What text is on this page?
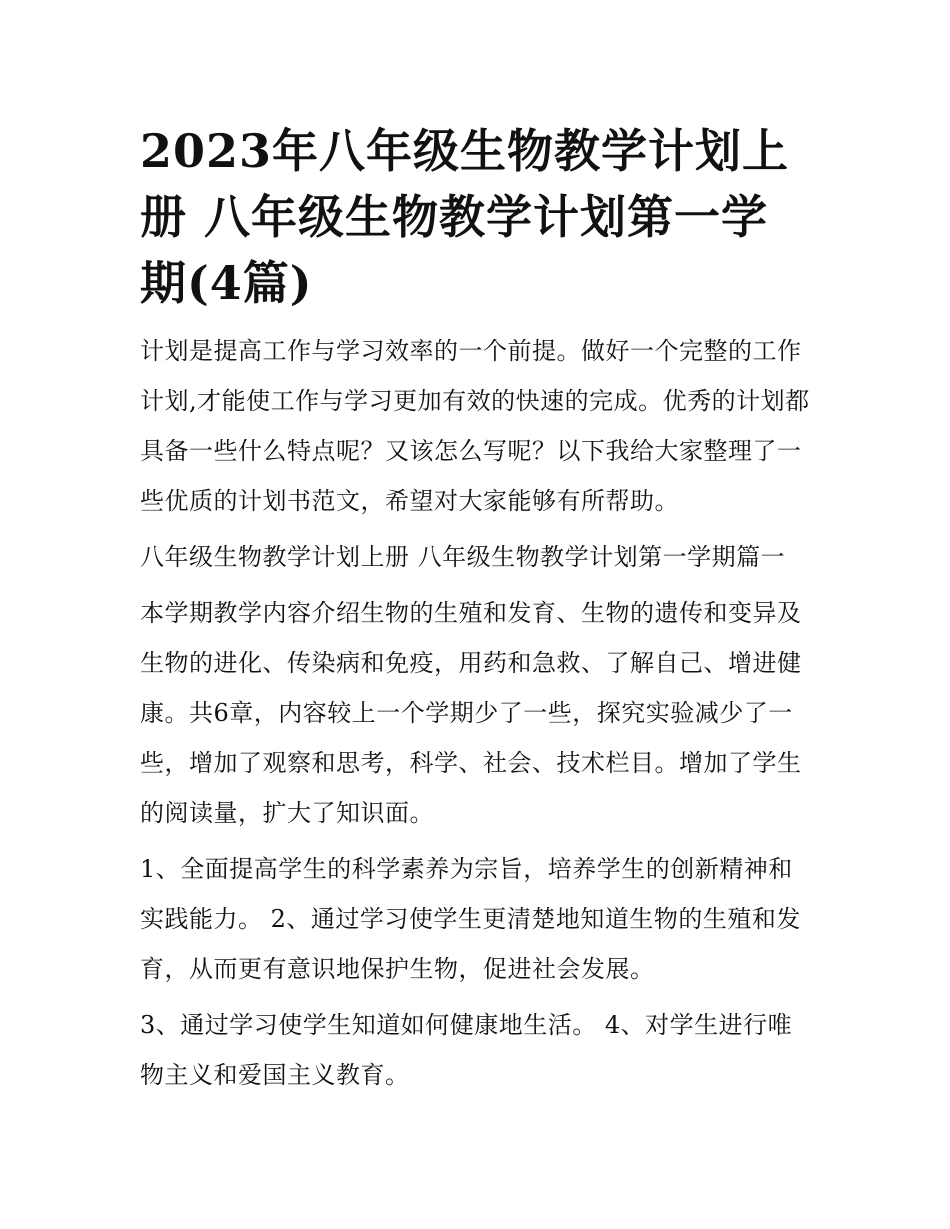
2023年八年级生物教学计划上册 八年级生物教学计划第一学期(4篇)

计划是提高工作与学习效率的一个前提。做好一个完整的工作计划,才能使工作与学习更加有效的快速的完成。优秀的计划都具备一些什么特点呢？又该怎么写呢？以下我给大家整理了一些优质的计划书范文，希望对大家能够有所帮助。

八年级生物教学计划上册 八年级生物教学计划第一学期篇一

本学期教学内容介绍生物的生殖和发育、生物的遗传和变异及生物的进化、传染病和免疫，用药和急救、了解自己、增进健康。共6章，内容较上一个学期少了一些，探究实验减少了一些，增加了观察和思考，科学、社会、技术栏目。增加了学生的阅读量，扩大了知识面。

1、全面提高学生的科学素养为宗旨，培养学生的创新精神和实践能力。 2、通过学习使学生更清楚地知道生物的生殖和发育，从而更有意识地保护生物，促进社会发展。

3、通过学习使学生知道如何健康地生活。 4、对学生进行唯物主义和爱国主义教育。
